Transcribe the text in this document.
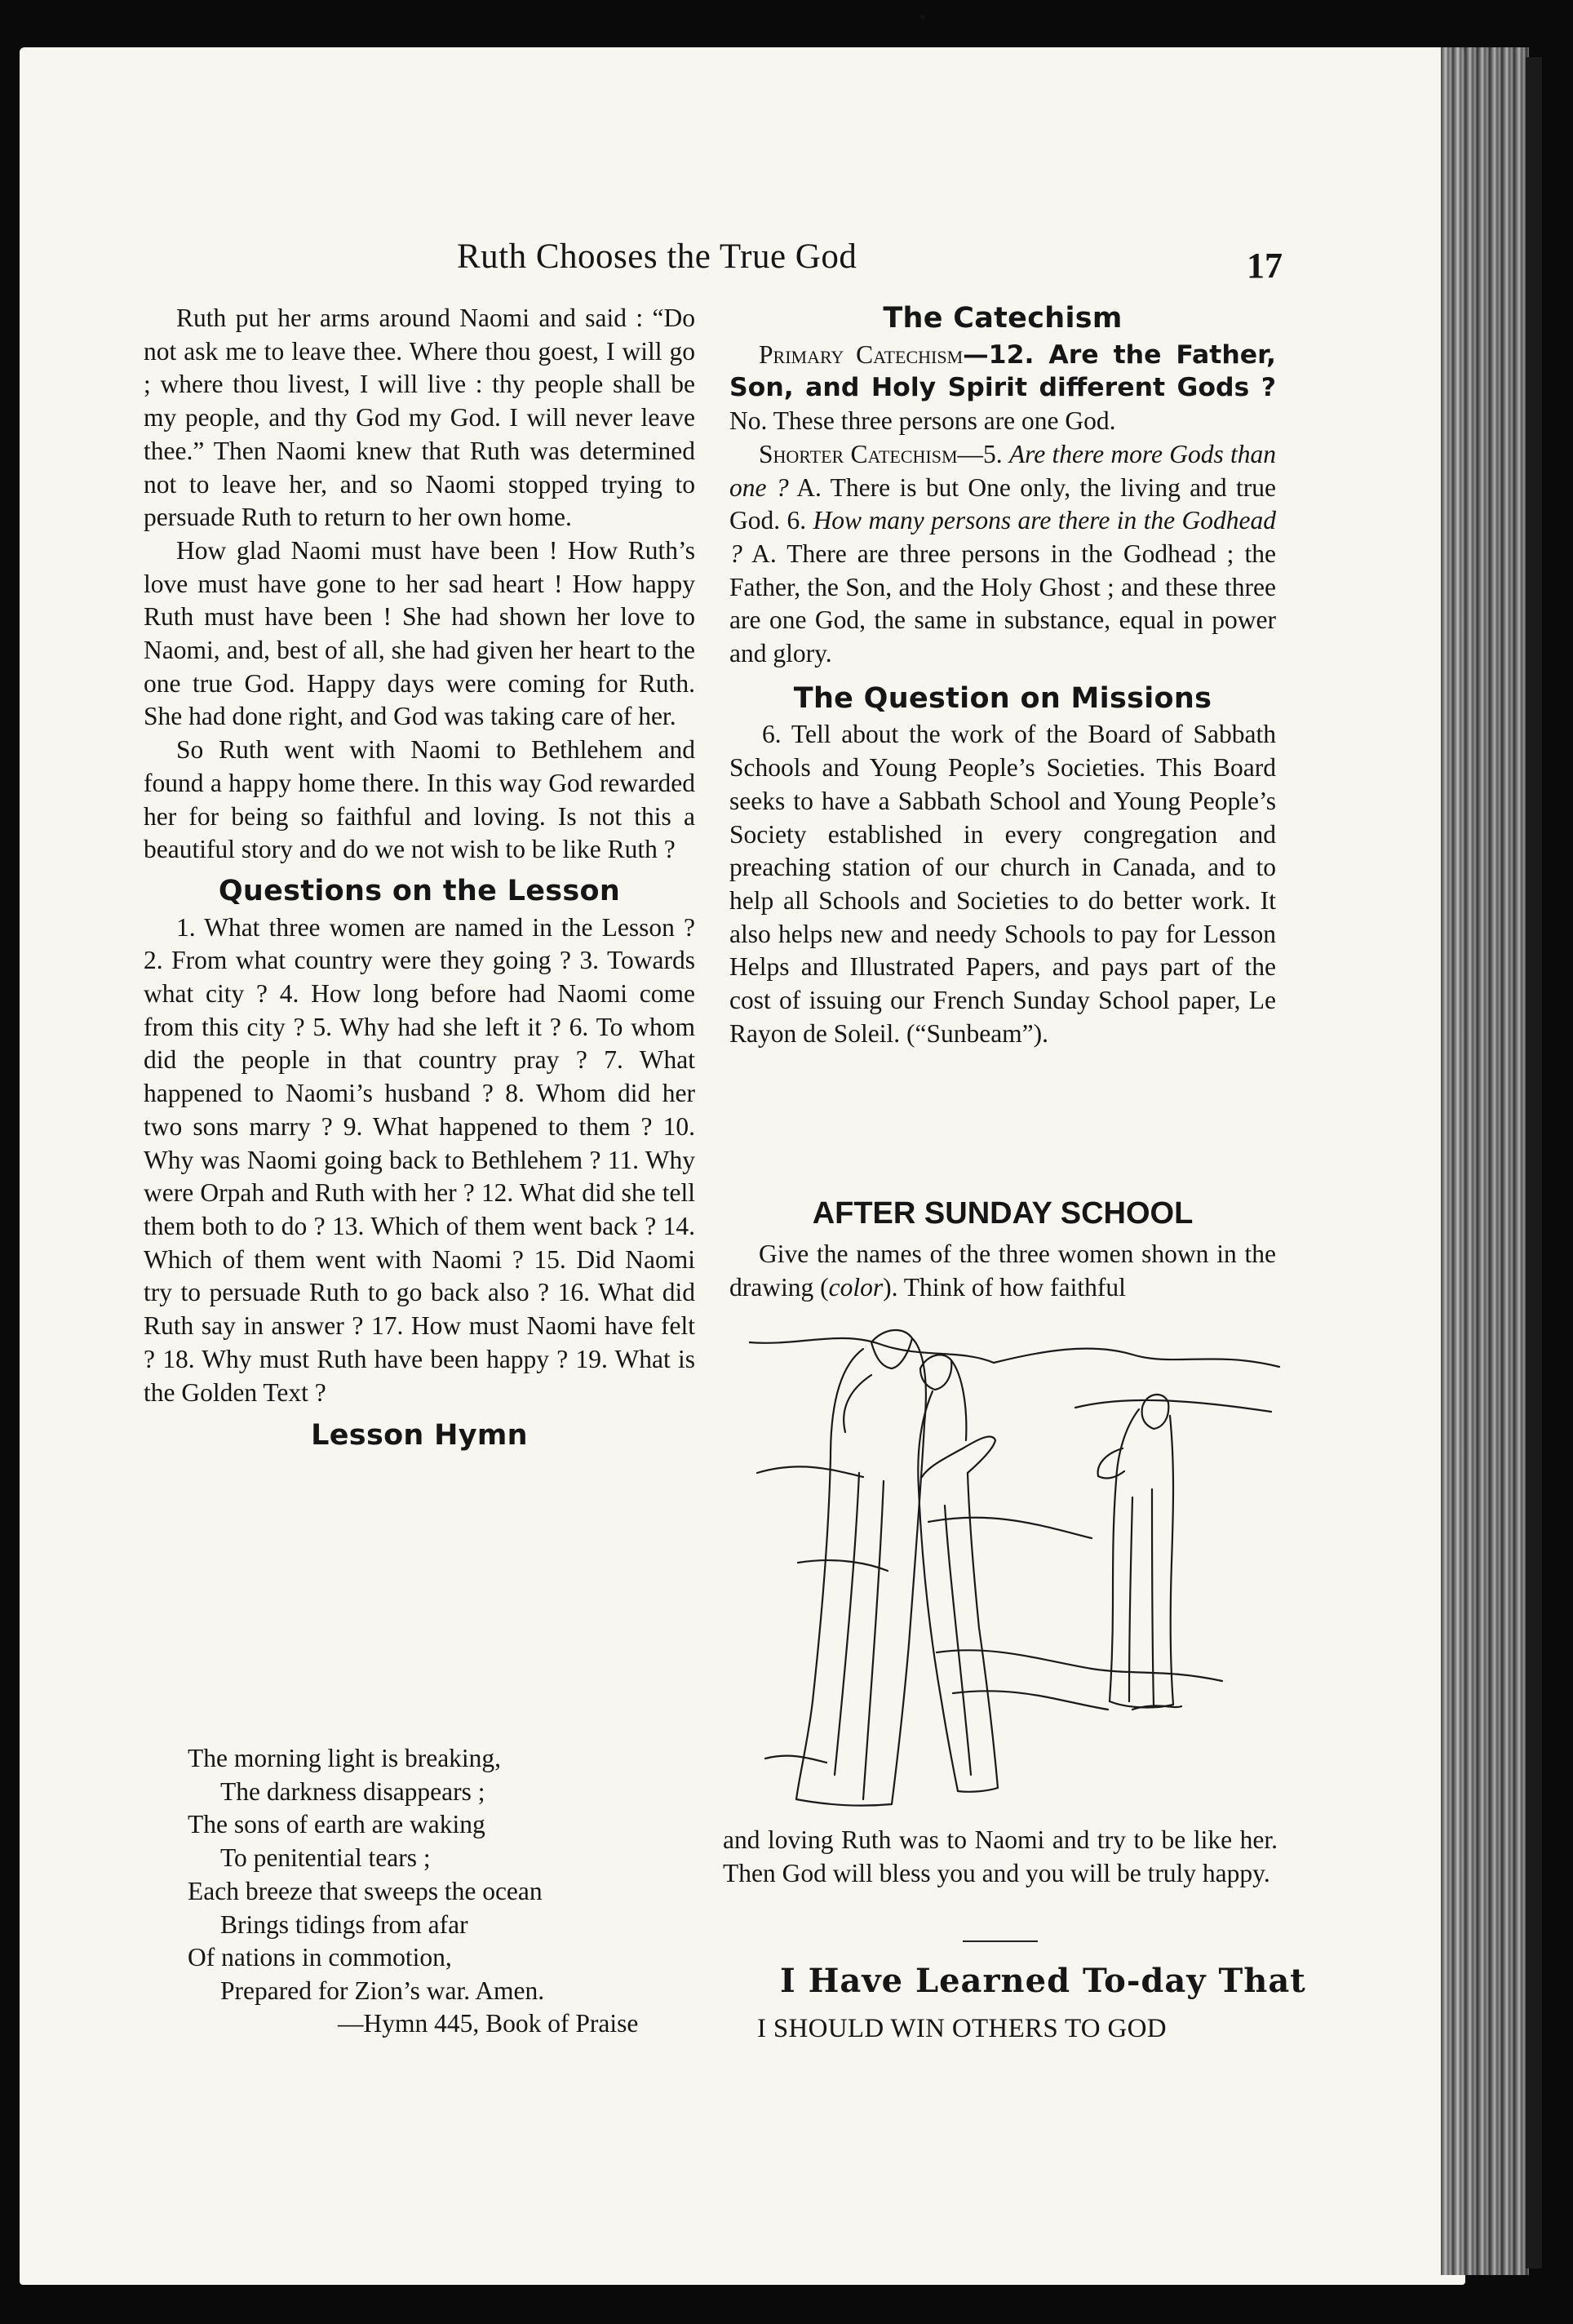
Ruth Chooses the True God	17

Ruth put her arms around Naomi and said : “Do not ask me to leave thee. Where thou goest, I will go ; where thou livest, I will live : thy people shall be my people, and thy God my God. I will never leave thee.” Then Naomi knew that Ruth was determined not to leave her, and so Naomi stopped trying to persuade Ruth to return to her own home.

How glad Naomi must have been ! How Ruth’s love must have gone to her sad heart ! How happy Ruth must have been ! She had shown her love to Naomi, and, best of all, she had given her heart to the one true God. Happy days were coming for Ruth. She had done right, and God was taking care of her.

So Ruth went with Naomi to Bethlehem and found a happy home there. In this way God rewarded her for being so faithful and loving. Is not this a beautiful story and do we not wish to be like Ruth ?

Questions on the Lesson

1. What three women are named in the Lesson ? 2. From what country were they going ? 3. Towards what city ? 4. How long before had Naomi come from this city ? 5. Why had she left it ? 6. To whom did the people in that country pray ? 7. What happened to Naomi’s husband ? 8. Whom did her two sons marry ? 9. What happened to them ? 10. Why was Naomi going back to Bethlehem ? 11. Why were Orpah and Ruth with her ? 12. What did she tell them both to do ? 13. Which of them went back ? 14. Which of them went with Naomi ? 15. Did Naomi try to persuade Ruth to go back also ? 16. What did Ruth say in answer ? 17. How must Naomi have felt ? 18. Why must Ruth have been happy ? 19. What is the Golden Text ?

Lesson Hymn
The morning light is breaking,
The darkness disappears ;
The sons of earth are waking
To penitential tears ;
Each breeze that sweeps the ocean
Brings tidings from afar
Of nations in commotion,
Prepared for Zion’s war. Amen.
—Hymn 445, Book of Praise
The Catechism

Primary Catechism—12. Are the Father, Son, and Holy Spirit different Gods ? No. These three persons are one God.

Shorter Catechism—5. Are there more Gods than one ? A. There is but One only, the living and true God. 6. How many persons are there in the Godhead ? A. There are three persons in the Godhead ; the Father, the Son, and the Holy Ghost ; and these three are one God, the same in substance, equal in power and glory.

The Question on Missions

6. Tell about the work of the Board of Sabbath Schools and Young People’s Societies. This Board seeks to have a Sabbath School and Young People’s Society established in every congregation and preaching station of our church in Canada, and to help all Schools and Societies to do better work. It also helps new and needy Schools to pay for Lesson Helps and Illustrated Papers, and pays part of the cost of issuing our French Sunday School paper, Le Rayon de Soleil. (“Sunbeam”).

AFTER SUNDAY SCHOOL

Give the names of the three women shown in the drawing (color). Think of how faithful

and loving Ruth was to Naomi and try to be like her. Then God will bless you and you will be truly happy.
I Have Learned To-day That
I SHOULD WIN OTHERS TO GOD
